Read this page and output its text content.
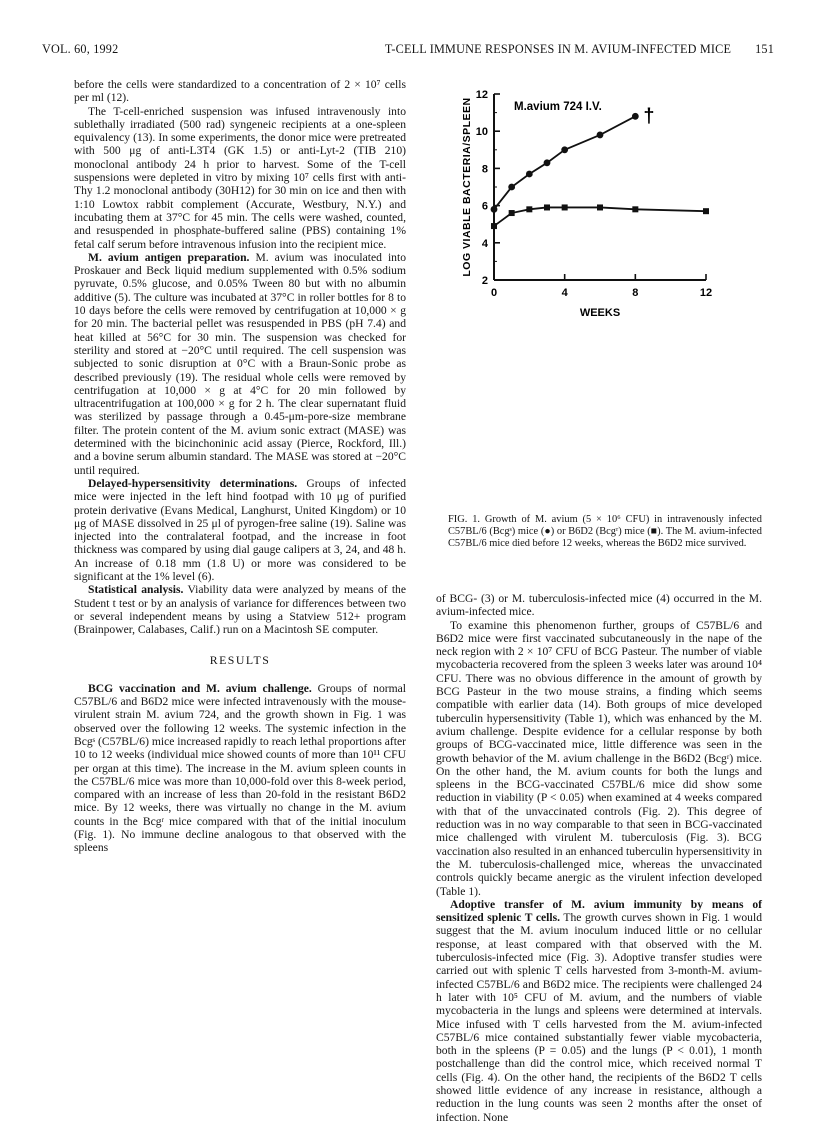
VOL. 60, 1992	T-CELL IMMUNE RESPONSES IN M. AVIUM-INFECTED MICE	151

before the cells were standardized to a concentration of 2 × 10⁷ cells per ml (12).

The T-cell-enriched suspension was infused intravenously into sublethally irradiated (500 rad) syngeneic recipients at a one-spleen equivalency (13). In some experiments, the donor mice were pretreated with 500 μg of anti-L3T4 (GK 1.5) or anti-Lyt-2 (TIB 210) monoclonal antibody 24 h prior to harvest. Some of the T-cell suspensions were depleted in vitro by mixing 10⁷ cells first with anti-Thy 1.2 monoclonal antibody (30H12) for 30 min on ice and then with 1:10 Lowtox rabbit complement (Accurate, Westbury, N.Y.) and incubating them at 37°C for 45 min. The cells were washed, counted, and resuspended in phosphate-buffered saline (PBS) containing 1% fetal calf serum before intravenous infusion into the recipient mice.

M. avium antigen preparation. M. avium was inoculated into Proskauer and Beck liquid medium supplemented with 0.5% sodium pyruvate, 0.5% glucose, and 0.05% Tween 80 but with no albumin additive (5). The culture was incubated at 37°C in roller bottles for 8 to 10 days before the cells were removed by centrifugation at 10,000 × g for 20 min. The bacterial pellet was resuspended in PBS (pH 7.4) and heat killed at 56°C for 30 min. The suspension was checked for sterility and stored at −20°C until required. The cell suspension was subjected to sonic disruption at 0°C with a Braun-Sonic probe as described previously (19). The residual whole cells were removed by centrifugation at 10,000 × g at 4°C for 20 min followed by ultracentrifugation at 100,000 × g for 2 h. The clear supernatant fluid was sterilized by passage through a 0.45-μm-pore-size membrane filter. The protein content of the M. avium sonic extract (MASE) was determined with the bicinchoninic acid assay (Pierce, Rockford, Ill.) and a bovine serum albumin standard. The MASE was stored at −20°C until required.

Delayed-hypersensitivity determinations. Groups of infected mice were injected in the left hind footpad with 10 μg of purified protein derivative (Evans Medical, Langhurst, United Kingdom) or 10 μg of MASE dissolved in 25 μl of pyrogen-free saline (19). Saline was injected into the contralateral footpad, and the increase in foot thickness was compared by using dial gauge calipers at 3, 24, and 48 h. An increase of 0.18 mm (1.8 U) or more was considered to be significant at the 1% level (6).

Statistical analysis. Viability data were analyzed by means of the Student t test or by an analysis of variance for differences between two or several independent means by using a Statview 512+ program (Brainpower, Calabases, Calif.) run on a Macintosh SE computer.

RESULTS

BCG vaccination and M. avium challenge. Groups of normal C57BL/6 and B6D2 mice were infected intravenously with the mouse-virulent strain M. avium 724, and the growth shown in Fig. 1 was observed over the following 12 weeks. The systemic infection in the Bcgˢ (C57BL/6) mice increased rapidly to reach lethal proportions after 10 to 12 weeks (individual mice showed counts of more than 10¹¹ CFU per organ at this time). The increase in the M. avium spleen counts in the C57BL/6 mice was more than 10,000-fold over this 8-week period, compared with an increase of less than 20-fold in the resistant B6D2 mice. By 12 weeks, there was virtually no change in the M. avium counts in the Bcgʳ mice compared with that of the initial inoculum (Fig. 1). No immune decline analogous to that observed with the spleens

2
4
6
8
10
12
0	4	8	12
M.avium 724 I.V.
LOG VIABLE BACTERIA/SPLEEN
WEEKS
†
FIG. 1. Growth of M. avium (5 × 10⁶ CFU) in intravenously infected C57BL/6 (Bcgˢ) mice (●) or B6D2 (Bcgʳ) mice (■). The M. avium-infected C57BL/6 mice died before 12 weeks, whereas the B6D2 mice survived.

of BCG- (3) or M. tuberculosis-infected mice (4) occurred in the M. avium-infected mice.

To examine this phenomenon further, groups of C57BL/6 and B6D2 mice were first vaccinated subcutaneously in the nape of the neck region with 2 × 10⁷ CFU of BCG Pasteur. The number of viable mycobacteria recovered from the spleen 3 weeks later was around 10⁴ CFU. There was no obvious difference in the amount of growth by BCG Pasteur in the two mouse strains, a finding which seems compatible with earlier data (14). Both groups of mice developed tuberculin hypersensitivity (Table 1), which was enhanced by the M. avium challenge. Despite evidence for a cellular response by both groups of BCG-vaccinated mice, little difference was seen in the growth behavior of the M. avium challenge in the B6D2 (Bcgʳ) mice. On the other hand, the M. avium counts for both the lungs and spleens in the BCG-vaccinated C57BL/6 mice did show some reduction in viability (P < 0.05) when examined at 4 weeks compared with that of the unvaccinated controls (Fig. 2). This degree of reduction was in no way comparable to that seen in BCG-vaccinated mice challenged with virulent M. tuberculosis (Fig. 3). BCG vaccination also resulted in an enhanced tuberculin hypersensitivity in the M. tuberculosis-challenged mice, whereas the unvaccinated controls quickly became anergic as the virulent infection developed (Table 1).

Adoptive transfer of M. avium immunity by means of sensitized splenic T cells. The growth curves shown in Fig. 1 would suggest that the M. avium inoculum induced little or no cellular response, at least compared with that observed with the M. tuberculosis-infected mice (Fig. 3). Adoptive transfer studies were carried out with splenic T cells harvested from 3-month-M. avium-infected C57BL/6 and B6D2 mice. The recipients were challenged 24 h later with 10⁵ CFU of M. avium, and the numbers of viable mycobacteria in the lungs and spleens were determined at intervals. Mice infused with T cells harvested from the M. avium-infected C57BL/6 mice contained substantially fewer viable mycobacteria, both in the spleens (P = 0.05) and the lungs (P < 0.01), 1 month postchallenge than did the control mice, which received normal T cells (Fig. 4). On the other hand, the recipients of the B6D2 T cells showed little evidence of any increase in resistance, although a reduction in the lung counts was seen 2 months after the onset of infection. None
